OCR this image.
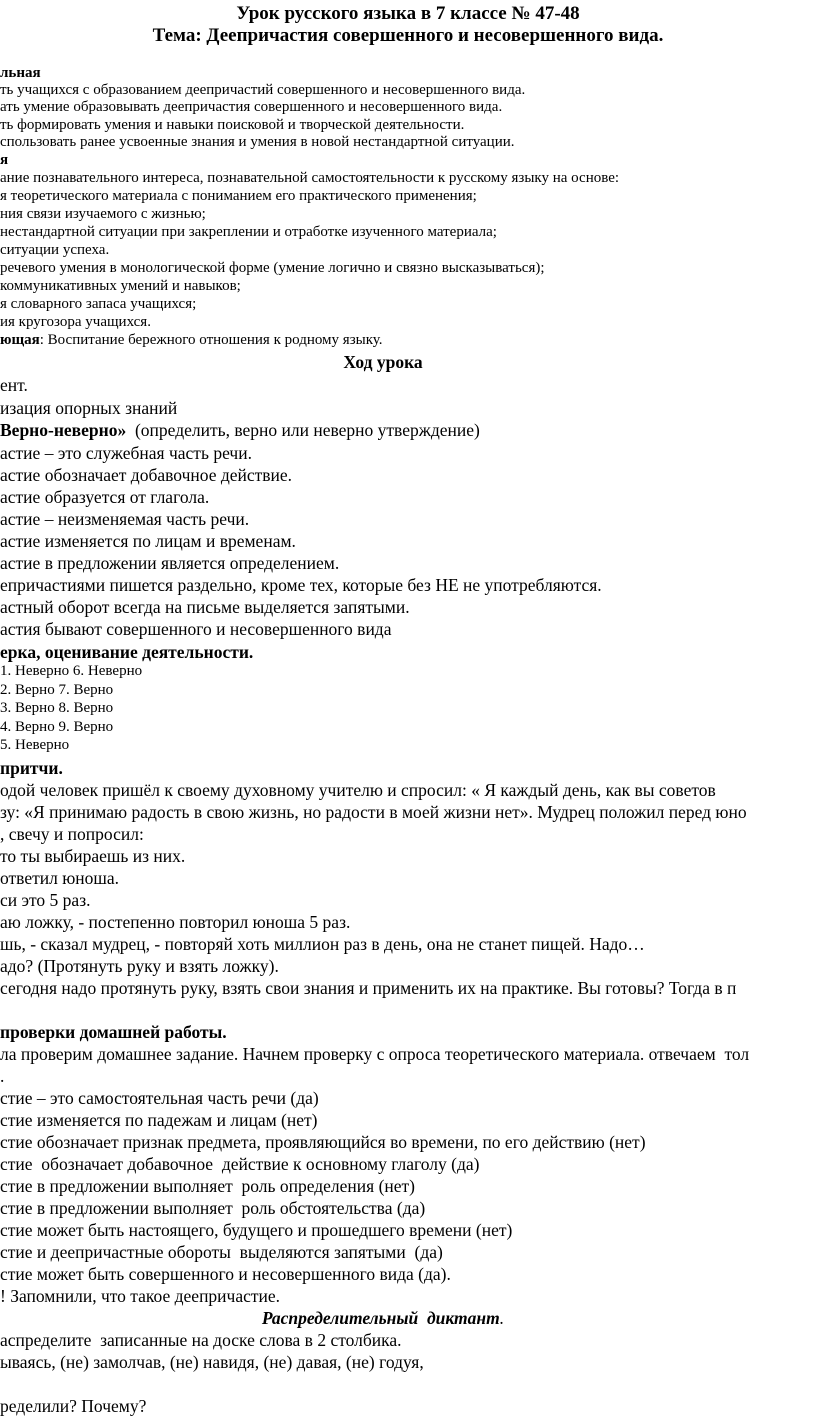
Урок русского языка в 7 классе № 47-48
Тема: Деепричастия совершенного и несовершенного вида.
льная
ть учащихся с образованием деепричастий совершенного и несовершенного вида.
ать умение образовывать деепричастия совершенного и несовершенного вида.
ть формировать умения и навыки поисковой и творческой деятельности.
спользовать ранее усвоенные знания и умения в новой нестандартной ситуации.
я
ание познавательного интереса, познавательной самостоятельности к русскому языку на основе:
я теоретического материала с пониманием его практического применения;
ния связи изучаемого с жизнью;
нестандартной ситуации при закреплении и отработке изученного материала;
ситуации успеха.
речевого умения в монологической форме (умение логично и связно высказываться);
коммуникативных умений и навыков;
я словарного запаса учащихся;
ия кругозора учащихся.
ющая: Воспитание бережного отношения к родному языку.
Ход урока
ент.
изация опорных знаний
Верно-неверно»  (определить, верно или неверно утверждение)
астие – это служебная часть речи.
астие обозначает добавочное действие.
астие образуется от глагола.
астие – неизменяемая часть речи.
астие изменяется по лицам и временам.
астие в предложении является определением.
епричастиями пишется раздельно, кроме тех, которые без НЕ не употребляются.
астный оборот всегда на письме выделяется запятыми.
астия бывают совершенного и несовершенного вида
ерка, оценивание деятельности.
1. Неверно 6. Неверно
2. Верно 7. Верно
3. Верно 8. Верно
4. Верно 9. Верно
5. Неверно
притчи.
одой человек пришёл к своему духовному учителю и спросил: « Я каждый день, как вы советов
зу: «Я принимаю радость в свою жизнь, но радости в моей жизни нет». Мудрец положил перед юно
, свечу и попросил:
то ты выбираешь из них.
ответил юноша.
си это 5 раз.
аю ложку, - постепенно повторил юноша 5 раз.
шь, - сказал мудрец, - повторяй хоть миллион раз в день, она не станет пищей. Надо…
адо? (Протянуть руку и взять ложку).
сегодня надо протянуть руку, взять свои знания и применить их на практике. Вы готовы? Тогда в п
проверки домашней работы.
ла проверим домашнее задание. Начнем проверку с опроса теоретического материала. отвечаем  тол
.
стие – это самостоятельная часть речи (да)
стие изменяется по падежам и лицам (нет)
стие обозначает признак предмета, проявляющийся во времени, по его действию (нет)
стие  обозначает добавочное  действие к основному глаголу (да)
стие в предложении выполняет  роль определения (нет)
стие в предложении выполняет  роль обстоятельства (да)
стие может быть настоящего, будущего и прошедшего времени (нет)
стие и деепричастные обороты  выделяются запятыми  (да)
стие может быть совершенного и несовершенного вида (да).
! Запомнили, что такое деепричастие.
Распределительный  диктант.
аспределите  записанные на доске слова в 2 столбика.
ываясь, (не) замолчав, (не) навидя, (не) давая, (не) годуя,
ределили? Почему?
